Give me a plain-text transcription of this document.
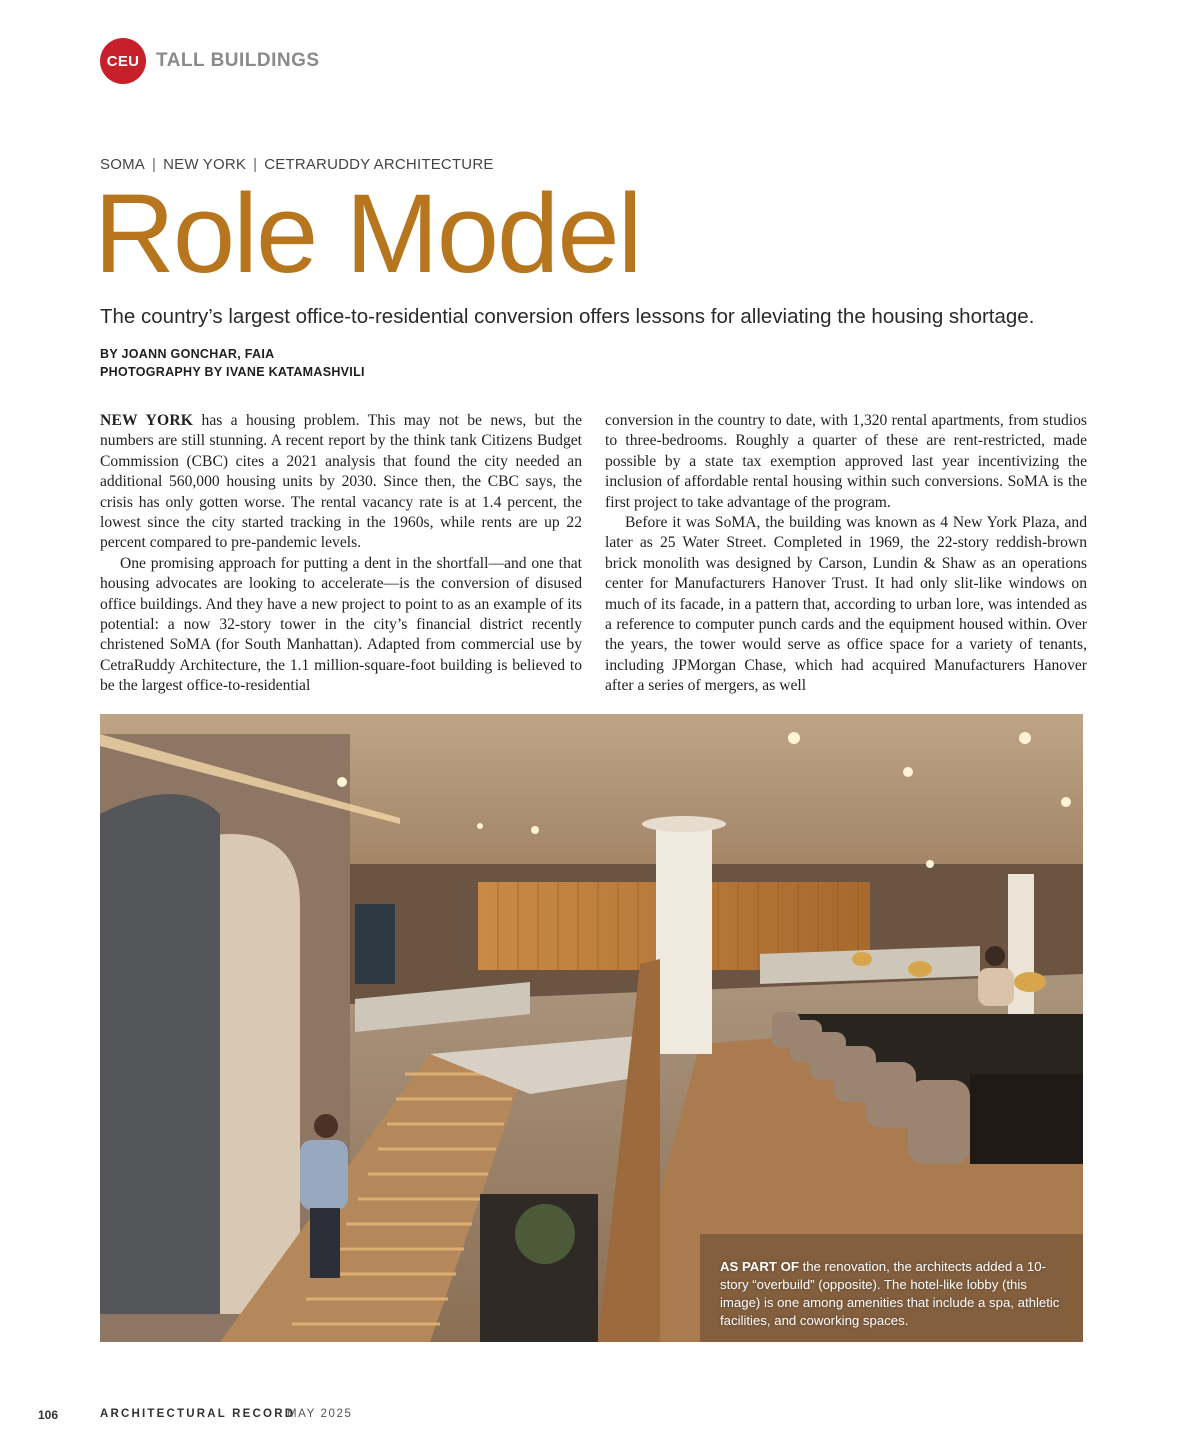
CEU TALL BUILDINGS
SOMA | NEW YORK | CETRARUDDY ARCHITECTURE
Role Model

The country’s largest office-to-residential conversion offers lessons for alleviating the housing shortage.

BY JOANN GONCHAR, FAIA
PHOTOGRAPHY BY IVANE KATAMASHVILI

NEW YORK has a housing problem. This may not be news, but the numbers are still stunning. A recent report by the think tank Citizens Budget Commission (CBC) cites a 2021 analysis that found the city needed an additional 560,000 housing units by 2030. Since then, the CBC says, the crisis has only gotten worse. The rental vacancy rate is at 1.4 percent, the lowest since the city started tracking in the 1960s, while rents are up 22 percent compared to pre-pandemic levels.

One promising approach for putting a dent in the shortfall—and one that housing advocates are looking to accelerate—is the conversion of disused office buildings. And they have a new project to point to as an example of its potential: a now 32-story tower in the city’s financial district recently christened SoMA (for South Manhattan). Adapted from commercial use by CetraRuddy Architecture, the 1.1 million-square-foot building is believed to be the largest office-to-residential

conversion in the country to date, with 1,320 rental apartments, from studios to three-bedrooms. Roughly a quarter of these are rent-restricted, made possible by a state tax exemption approved last year incentivizing the inclusion of affordable rental housing within such conversions. SoMA is the first project to take advantage of the program.

Before it was SoMA, the building was known as 4 New York Plaza, and later as 25 Water Street. Completed in 1969, the 22-story reddish-brown brick monolith was designed by Carson, Lundin & Shaw as an operations center for Manufacturers Hanover Trust. It had only slit-like windows on much of its facade, in a pattern that, according to urban lore, was intended as a reference to computer punch cards and the equipment housed within. Over the years, the tower would serve as office space for a variety of tenants, including JPMorgan Chase, which had acquired Manufacturers Hanover after a series of mergers, as well

AS PART OF the renovation, the architects added a 10-story “overbuild” (opposite). The hotel-like lobby (this image) is one among amenities that include a spa, athletic facilities, and coworking spaces.
106	ARCHITECTURAL RECORD
MAY 2025
